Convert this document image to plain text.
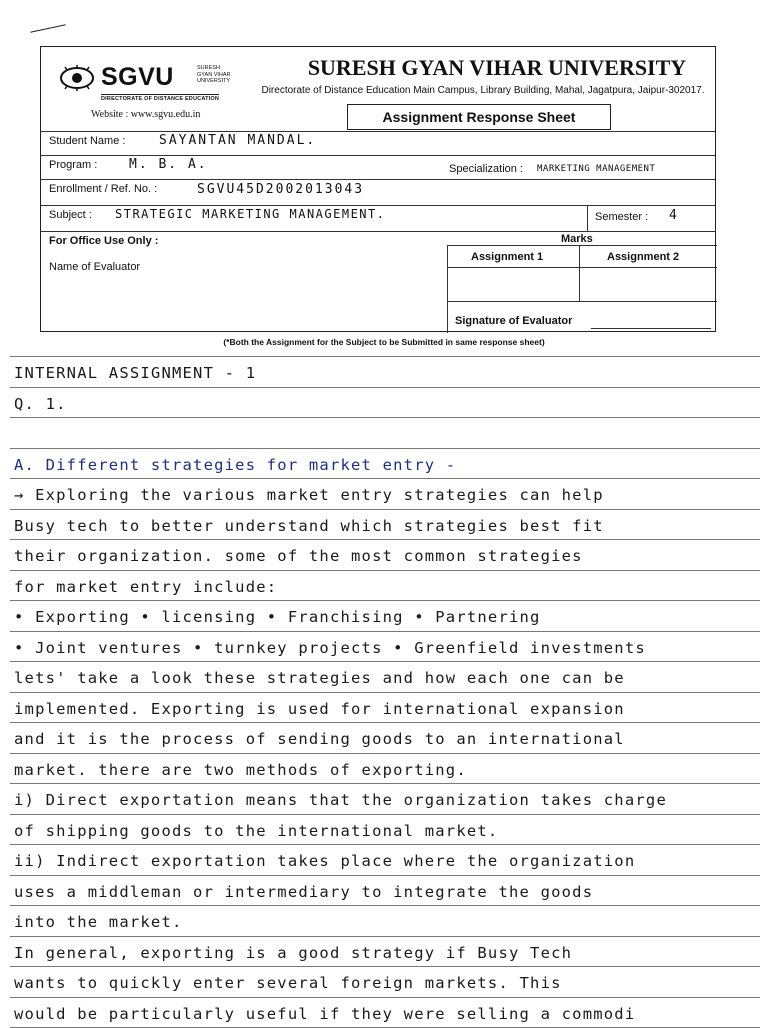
SGVU	SURESH
GYAN VIHAR
UNIVERSITY
DIRECTORATE OF DISTANCE EDUCATION
Website : www.sgvu.edu.in
SURESH GYAN VIHAR UNIVERSITY
Directorate of Distance Education Main Campus, Library Building, Mahal, Jagatpura, Jaipur-302017.
Assignment Response Sheet
Student Name :	SAYANTAN MANDAL.
Program : M. B. A.	Specialization : MARKETING MANAGEMENT
Enrollment / Ref. No. :	SGVU45D2002013043
Subject : STRATEGIC MARKETING MANAGEMENT.	Semester : 4
For Office Use Only :	Marks
Name of Evaluator
Assignment 1	Assignment 2
Signature of Evaluator
(*Both the Assignment for the Subject to be Submitted in same response sheet)
INTERNAL ASSIGNMENT - 1
Q. 1.
A. Different strategies for market entry -
→ Exploring the various market entry strategies can help
Busy tech to better understand which strategies best fit
their organization. some of the most common strategies
for market entry include:
• Exporting • licensing • Franchising • Partnering
• Joint ventures • turnkey projects • Greenfield investments
lets' take a look these strategies and how each one can be
implemented. Exporting is used for international expansion
and it is the process of sending goods to an international
market. there are two methods of exporting.
i) Direct exportation means that the organization takes charge
of shipping goods to the international market.
ii) Indirect exportation takes place where the organization
uses a middleman or intermediary to integrate the goods
into the market.
In general, exporting is a good strategy if Busy Tech
wants to quickly enter several foreign markets. This
would be particularly useful if they were selling a commodi
